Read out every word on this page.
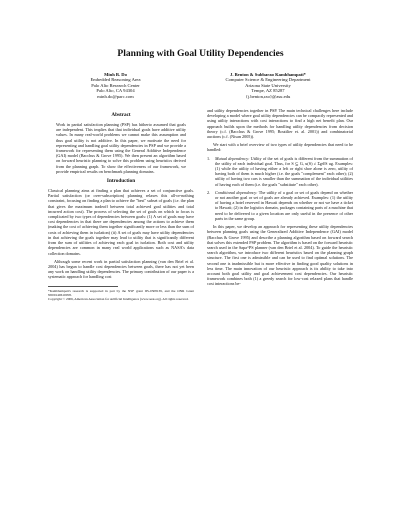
Planning with Goal Utility Dependencies
Minh B. Do
Embedded Reasoning Area
Palo Alto Research Center
Palo Alto, CA 94304
minh.do@parc.com
J. Benton & Subbarao Kambhampati*
Computer Science & Engineering Department
Arizona State University
Tempe, AZ 85287
{j.benton,rao}@asu.edu
Abstract

Work in partial satisfaction planning (PSP) has hitherto assumed that goals are independent. This implies that that individual goals have additive utility values. In many real-world problems we cannot make this assumption and thus goal utility is not additive. In this paper, we motivate the need for representing and handling goal utility dependencies in PSP and we provide a framework for representing them using the General Additive Independence (GAI) model (Bacchus & Grove 1995). We then present an algorithm based on forward heuristic planning to solve this problem using heuristics derived from the planning graph. To show the effectiveness of our framework, we provide empirical results on benchmark planning domains.

Introduction

Classical planning aims at finding a plan that achieves a set of conjunctive goals. Partial satisfaction (or over-subscription) planning relaxes this all-or-nothing constraint, focusing on finding a plan to achieve the "best" subset of goals (i.e. the plan that gives the maximum tradeoff between total achieved goal utilities and total incurred action cost). The process of selecting the set of goals on which to focus is complicated by two types of dependencies between goals: (1) A set of goals may have cost dependencies in that there are dependencies among the actions to achieve them (making the cost of achieving them together significantly more or less than the sum of costs of achieving them in isolation) (ii) A set of goals may have utility dependencies in that achieving the goals together may lead to utility that is significantly different from the sum of utilities of achieving each goal in isolation. Both cost and utility dependencies are common in many real world applications such as NASA's data collection domains.

Although some recent work in partial satisfaction planning (van den Briel et al. 2004) has begun to handle cost dependencies between goals, there has not yet been any work on handling utility dependencies. The primary contribution of our paper is a systematic approach for handling cost

*Kambhampati's research is supported in part by the NSF grant IIS-0308139, and the ONR Grant N000140610058.
Copyright © 2006, American Association for Artificial Intelligence (www.aaai.org). All rights reserved.

and utility dependencies together in PSP. The main technical challenges here include developing a model where goal utility dependencies can be compactly represented and using utility interactions with cost interactions to find a high net benefit plan. Our approach builds upon the methods for handling utility dependencies from decision theory (c.f. (Bacchus & Grove 1995; Boutilier et. al. 2001)) and combinatorial auctions (c.f. (Nisan 2005)).

We start with a brief overview of two types of utility dependencies that need to be handled:

1. Mutual dependency: Utility of the set of goals is different from the summation of the utility of each individual goal. Thus, for S ⊆ G, u(S) ≠ Σg∈S ug. Examples: (1) while the utility of having either a left or right shoe alone is zero, utility of having both of them is much higher (i.e. the goals "complement" each other); (2) utility of having two cars is smaller than the summation of the individual utilities of having each of them (i.e. the goals "substitute" each other).
2. Conditional dependency: The utility of a goal or set of goals depend on whether or not another goal or set of goals are already achieved. Examples: (1) the utility of having a hotel reserved in Hawaii depends on whether or not we have a ticket to Hawaii; (2) in the logistics domain, packages containing parts of a machine that need to be delivered to a given location are only useful in the presence of other parts in the same group.

In this paper, we develop an approach for representing these utility dependencies between planning goals using the Generalized Additive Independence (GAI) model (Bacchus & Grove 1995) and describe a planning algorithm based on forward search that solves this extended PSP problem. The algorithm is based on the forward heuristic search used in the Sapa^PS planner (van den Briel et al. 2004). To guide the heuristic search algorithm, we introduce two different heuristics based on the planning graph structure. The first one is admissible and can be used to find optimal solutions. The second one is inadmissible but is more effective in finding good quality solutions in less time. The main innovation of our heuristic approach is its ability to take into account both goal utility and goal achievement cost dependencies. Our heuristic framework combines both (1) a greedy search for low-cost relaxed plans that handle cost interactions be-
